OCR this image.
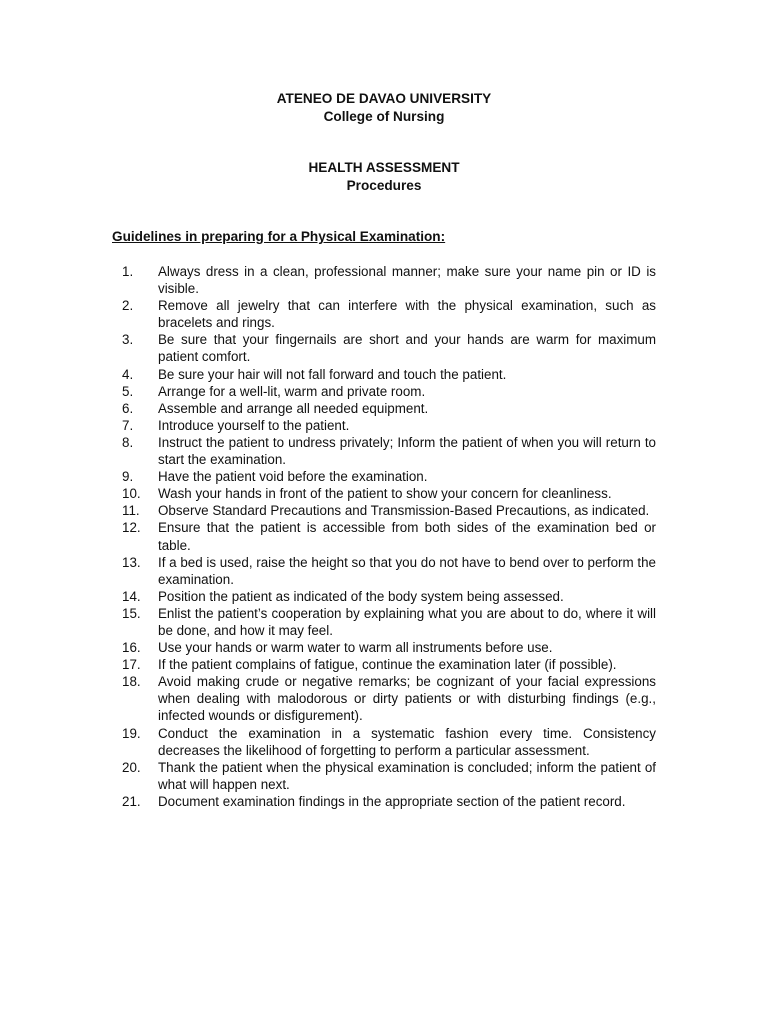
ATENEO DE DAVAO UNIVERSITY
College of Nursing
HEALTH ASSESSMENT
Procedures
Guidelines in preparing for a Physical Examination:
1.	Always dress in a clean, professional manner; make sure your name pin or ID is visible.
2.	Remove all jewelry that can interfere with the physical examination, such as bracelets and rings.
3.	Be sure that your fingernails are short and your hands are warm for maximum patient comfort.
4.	Be sure your hair will not fall forward and touch the patient.
5.	Arrange for a well-lit, warm and private room.
6.	Assemble and arrange all needed equipment.
7.	Introduce yourself to the patient.
8.	Instruct the patient to undress privately; Inform the patient of when you will return to start the examination.
9.	Have the patient void before the examination.
10.	Wash your hands in front of the patient to show your concern for cleanliness.
11.	Observe Standard Precautions and Transmission-Based Precautions, as indicated.
12.	Ensure that the patient is accessible from both sides of the examination bed or table.
13.	If a bed is used, raise the height so that you do not have to bend over to perform the examination.
14.	Position the patient as indicated of the body system being assessed.
15.	Enlist the patient’s cooperation by explaining what you are about to do, where it will be done, and how it may feel.
16.	Use your hands or warm water to warm all instruments before use.
17.	If the patient complains of fatigue, continue the examination later (if possible).
18.	Avoid making crude or negative remarks; be cognizant of your facial expressions when dealing with malodorous or dirty patients or with disturbing findings (e.g., infected wounds or disfigurement).
19.	Conduct the examination in a systematic fashion every time. Consistency decreases the likelihood of forgetting to perform a particular assessment.
20.	Thank the patient when the physical examination is concluded; inform the patient of what will happen next.
21.	Document examination findings in the appropriate section of the patient record.
